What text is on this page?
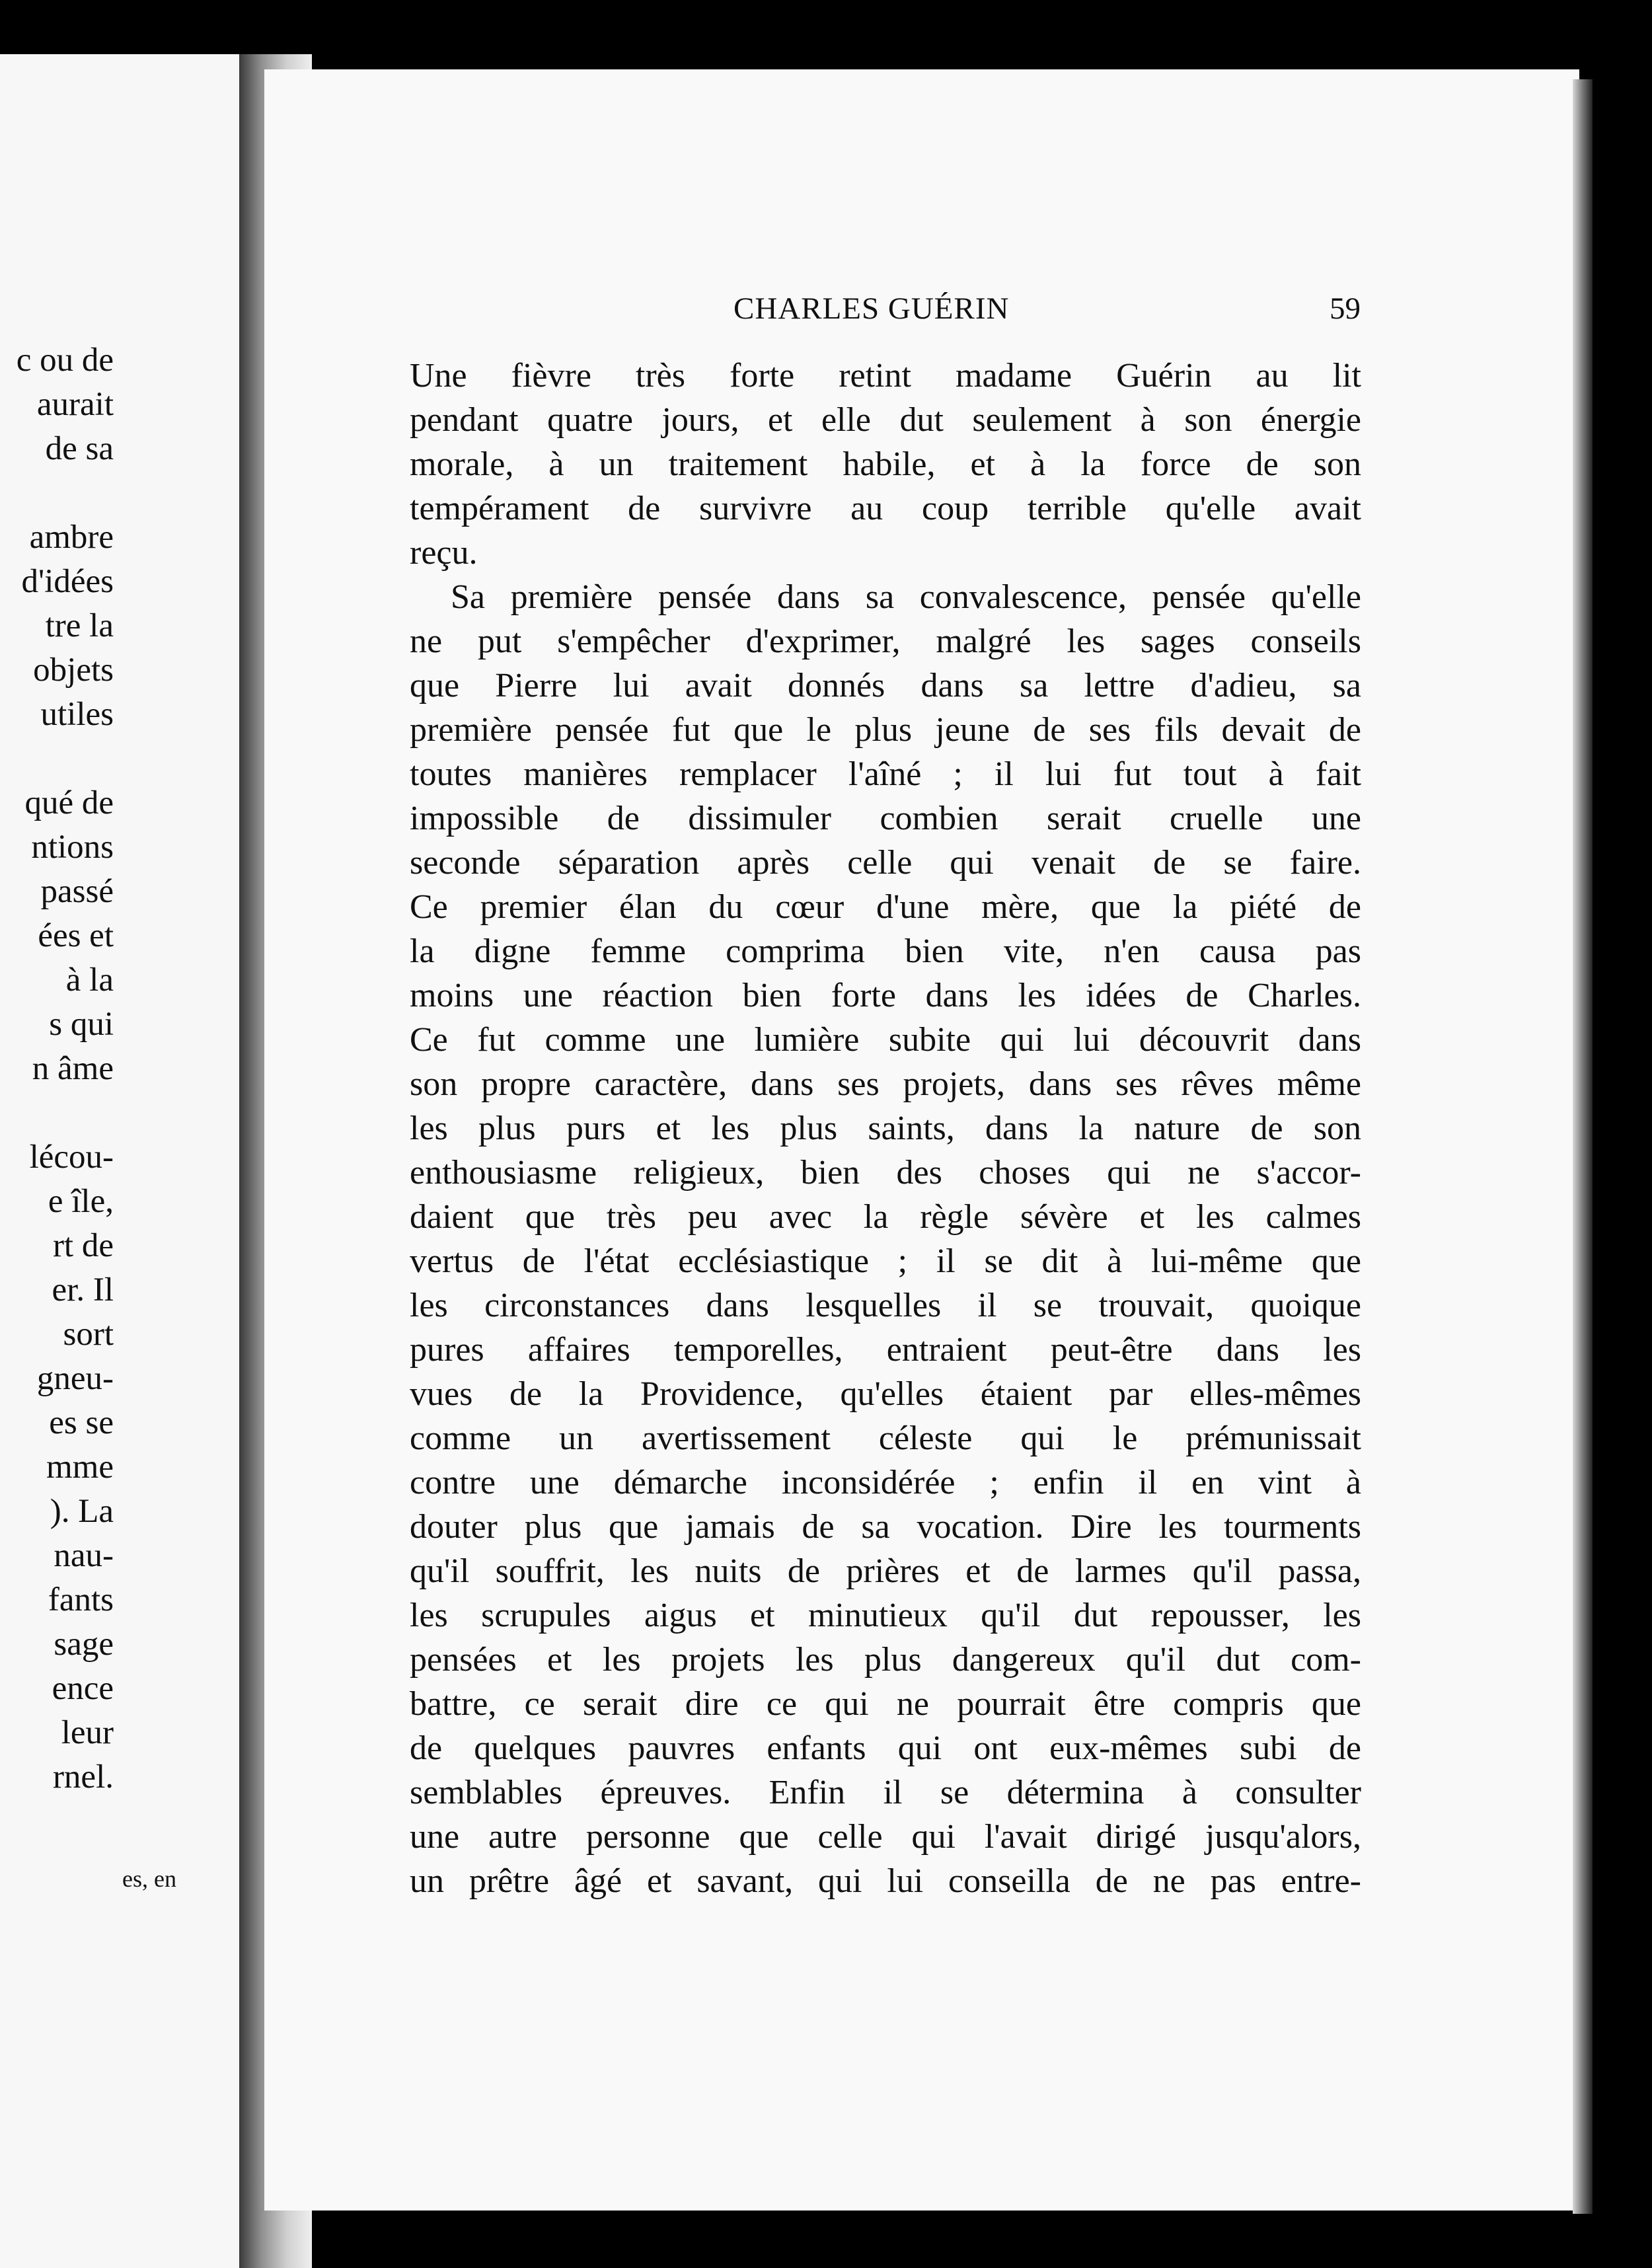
c ou de
aurait
de sa
ambre
d'idées
tre la
objets
utiles
qué de
ntions
passé
ées et
à la
s qui
n âme
lécou-
e île,
rt de
er. Il
sort
gneu-
es se
mme
). La
nau-
fants
sage
ence
leur
rnel.
es, en
CHARLES GUÉRIN	59
Une fièvre très forte retint madame Guérin au lit
pendant quatre jours, et elle dut seulement à son énergie
morale, à un traitement habile, et à la force de son
tempérament de survivre au coup terrible qu'elle avait
reçu.
Sa première pensée dans sa convalescence, pensée qu'elle
ne put s'empêcher d'exprimer, malgré les sages conseils
que Pierre lui avait donnés dans sa lettre d'adieu, sa
première pensée fut que le plus jeune de ses fils devait de
toutes manières remplacer l'aîné ; il lui fut tout à fait
impossible de dissimuler combien serait cruelle une
seconde séparation après celle qui venait de se faire.
Ce premier élan du cœur d'une mère, que la piété de
la digne femme comprima bien vite, n'en causa pas
moins une réaction bien forte dans les idées de Charles.
Ce fut comme une lumière subite qui lui découvrit dans
son propre caractère, dans ses projets, dans ses rêves même
les plus purs et les plus saints, dans la nature de son
enthousiasme religieux, bien des choses qui ne s'accor-
daient que très peu avec la règle sévère et les calmes
vertus de l'état ecclésiastique ; il se dit à lui-même que
les circonstances dans lesquelles il se trouvait, quoique
pures affaires temporelles, entraient peut-être dans les
vues de la Providence, qu'elles étaient par elles-mêmes
comme un avertissement céleste qui le prémunissait
contre une démarche inconsidérée ; enfin il en vint à
douter plus que jamais de sa vocation. Dire les tourments
qu'il souffrit, les nuits de prières et de larmes qu'il passa,
les scrupules aigus et minutieux qu'il dut repousser, les
pensées et les projets les plus dangereux qu'il dut com-
battre, ce serait dire ce qui ne pourrait être compris que
de quelques pauvres enfants qui ont eux-mêmes subi de
semblables épreuves. Enfin il se détermina à consulter
une autre personne que celle qui l'avait dirigé jusqu'alors,
un prêtre âgé et savant, qui lui conseilla de ne pas entre-
